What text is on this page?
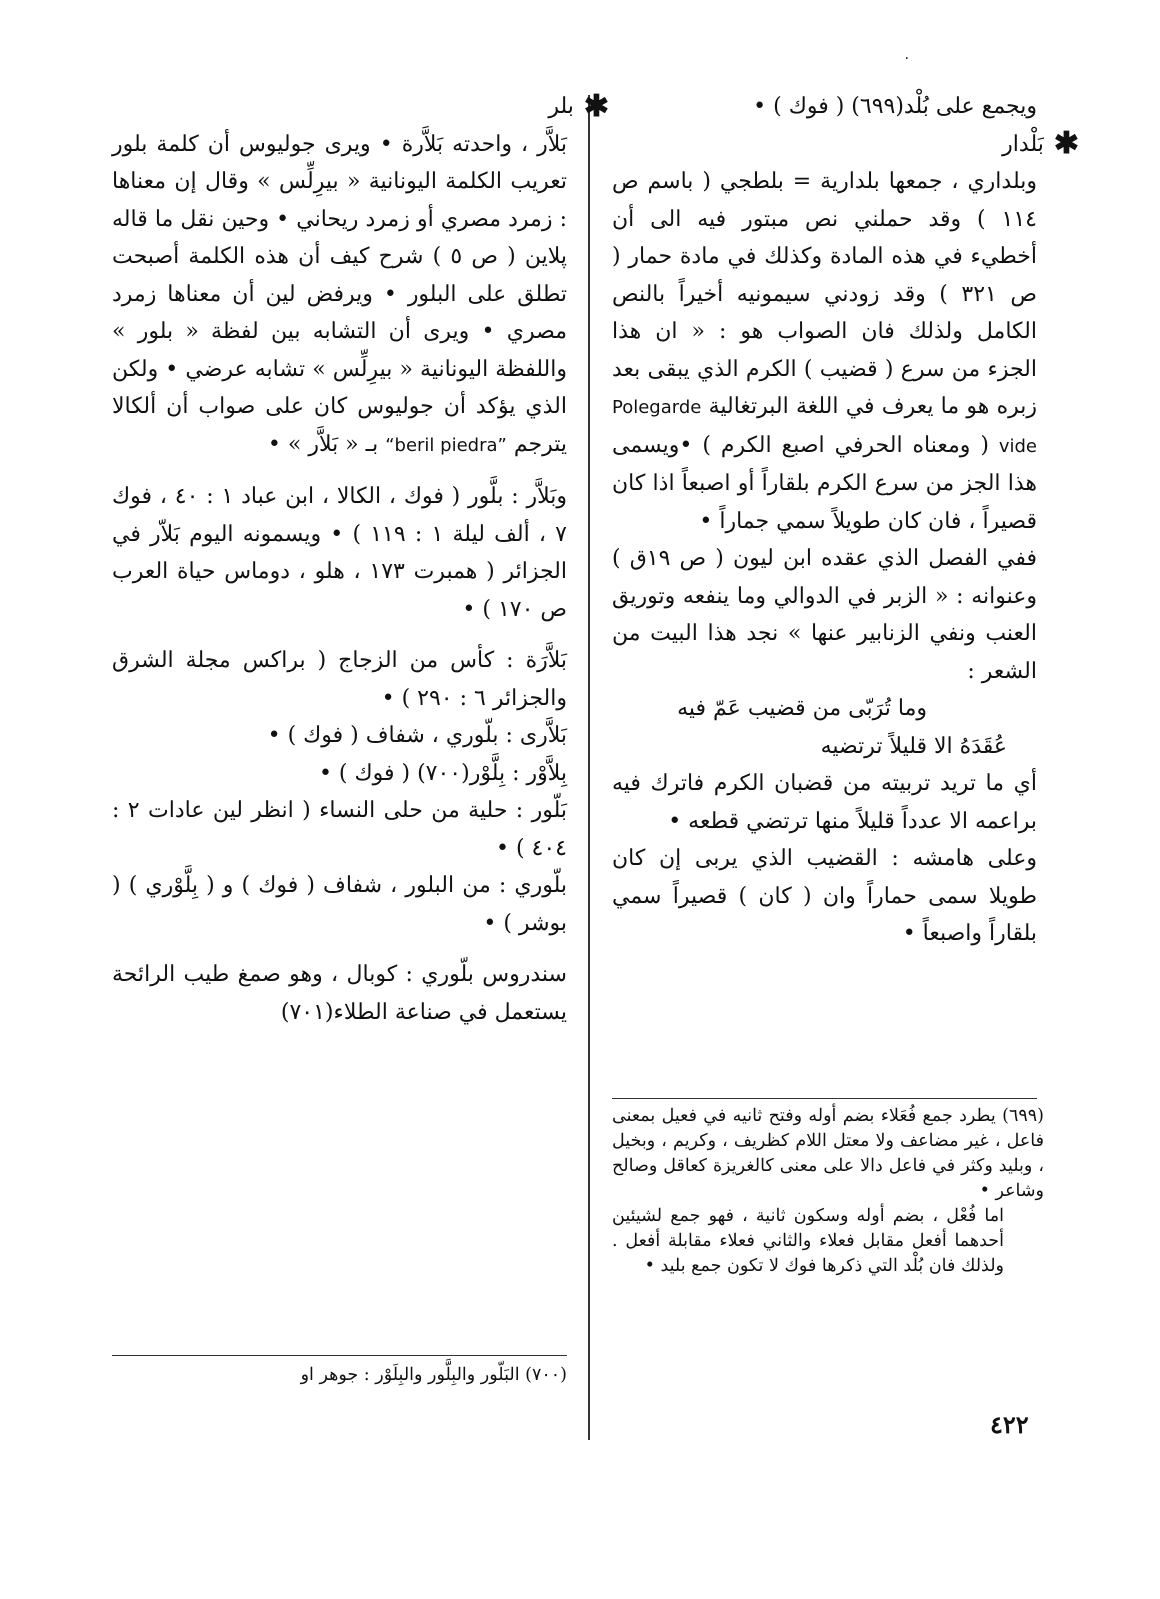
٠

ويجمع على بُلْد(٦٩٩) ( فوك ) •

✱
بَلْدار

وبلداري ، جمعها بلدارية = بلطجي ( باسم ص ١١٤ ) وقد حملني نص مبتور فيه الى أن أخطيء في هذه المادة وكذلك في مادة حمار ( ص ٣٢١ ) وقد زودني سيمونيه أخيراً بالنص الكامل ولذلك فان الصواب هو : « ان هذا الجزء من سرع ( قضيب ) الكرم الذي يبقى بعد زبره هو ما يعرف في اللغة البرتغالية Polegarde vide ( ومعناه الحرفي اصبع الكرم ) •ويسمى هذا الجز من سرع الكرم بلقاراً أو اصبعاً اذا كان قصيراً ، فان كان طويلاً سمي جماراً •

ففي الفصل الذي عقده ابن ليون ( ص ١٩ق ) وعنوانه : « الزبر في الدوالي وما ينفعه وتوريق العنب ونفي الزنابير عنها » نجد هذا البيت من الشعر :

وما تُرَبّى من قضيب عَمّ فيه

عُقَدَهُ الا قليلاً ترتضيه

أي ما تريد تربيته من قضبان الكرم فاترك فيه براعمه الا عدداً قليلاً منها ترتضي قطعه •

وعلى هامشه : القضيب الذي يربى إن كان طويلا سمى حماراً وان ( كان ) قصيراً سمي بلقاراً واصبعاً •

(٦٩٩) يطرد جمع فُعَلاء بضم أوله وفتح ثانيه في فعيل بمعنى فاعل ، غير مضاعف ولا معتل اللام كظريف ، وكريم ، وبخيل ، وبليد وكثر في فاعل دالا على معنى كالغريزة كعاقل وصالح وشاعر •

اما فُعْل ، بضم أوله وسكون ثانية ، فهو جمع لشيئين أحدهما أفعل مقابل فعلاء والثاني فعلاء مقابلة أفعل . ولذلك فان بُلْد التي ذكرها فوك لا تكون جمع بليد •

✱
بلر

بَلاَّر ، واحدته بَلاَّرة • ويرى جوليوس أن كلمة بلور تعريب الكلمة اليونانية « بيرِلِّس » وقال إن معناها : زمرد مصري أو زمرد ريحاني • وحين نقل ما قاله پلاين ( ص ٥ ) شرح كيف أن هذه الكلمة أصبحت تطلق على البلور • ويرفض لين أن معناها زمرد مصري • ويرى أن التشابه بين لفظة « بلور » واللفظة اليونانية « بيرِلِّس » تشابه عرضي • ولكن الذي يؤكد أن جوليوس كان على صواب أن ألكالا يترجم “beril piedra” بـ « بَلاَّر » •

وبَلاَّر : بلَّور ( فوك ، الكالا ، ابن عباد ١ : ٤٠ ، فوك ٧ ، ألف ليلة ١ : ١١٩ ) • ويسمونه اليوم بَلاّر في الجزائر ( همبرت ١٧٣ ، هلو ، دوماس حياة العرب ص ١٧٠ ) •

بَلاَّرَة : كأس من الزجاج ( براكس مجلة الشرق والجزائر ٦ : ٢٩٠ ) •

بَلاَّرى : بلّوري ، شفاف ( فوك ) •

بِلاَّوْر : بِلَّوْر(٧٠٠) ( فوك ) •

بَلّور : حلية من حلى النساء ( انظر لين عادات ٢ : ٤٠٤ ) •

بلّوري : من البلور ، شفاف ( فوك ) و ( بِلَّوْري ) ( بوشر ) •

سندروس بلّوري : كوبال ، وهو صمغ طيب الرائحة يستعمل في صناعة الطلاء(٧٠١)

(٧٠٠) البَلّور والبِلَّور والبِلَوْر : جوهر او

٤٢٢
